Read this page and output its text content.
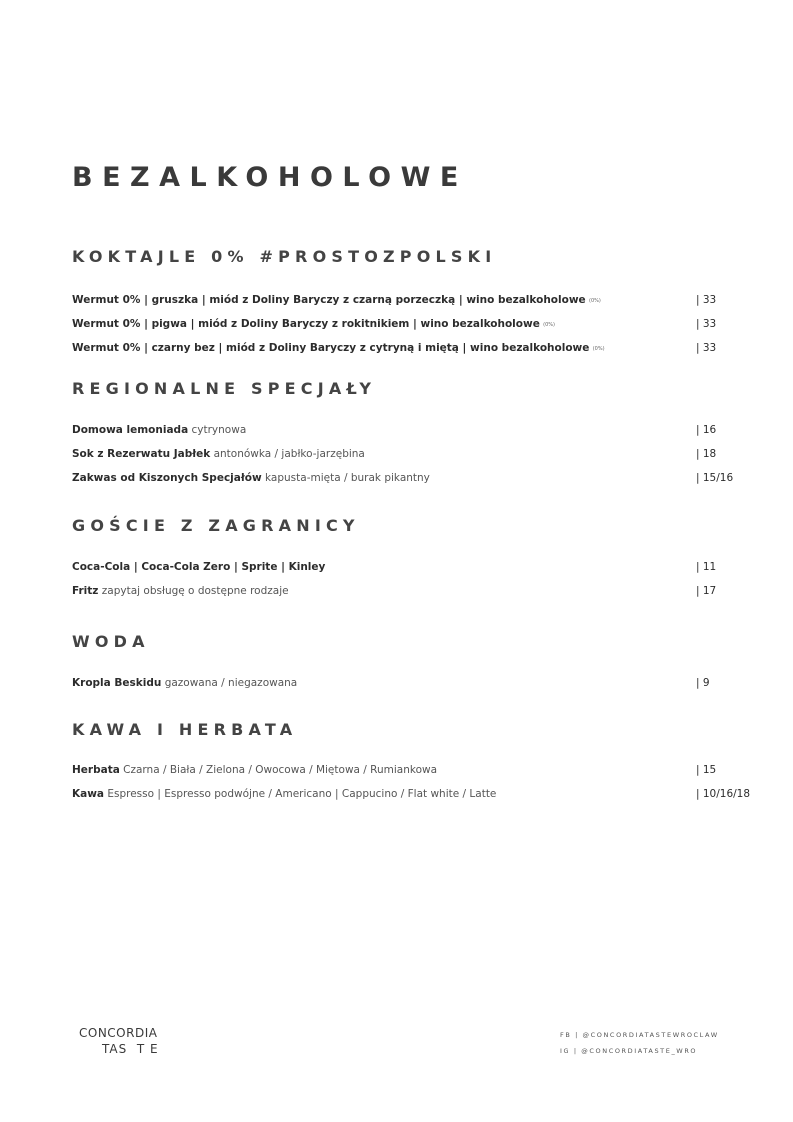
BEZALKOHOLOWE
KOKTAJLE 0% #PROSTOZPOLSKI
Wermut 0% | gruszka | miód z Doliny Baryczy z czarną porzeczką | wino bezalkoholowe (0%)	| 33
Wermut 0% | pigwa | miód z Doliny Baryczy z rokitnikiem | wino bezalkoholowe (0%)	| 33
Wermut 0% | czarny bez | miód z Doliny Baryczy z cytryną i miętą | wino bezalkoholowe (0%)	| 33
REGIONALNE SPECJAŁY
Domowa lemoniada cytrynowa	| 16
Sok z Rezerwatu Jabłek antonówka / jabłko-jarzębina	| 18
Zakwas od Kiszonych Specjałów kapusta-mięta / burak pikantny	| 15/16
GOŚCIE Z ZAGRANICY
Coca-Cola | Coca-Cola Zero | Sprite | Kinley	| 11
Fritz zapytaj obsługę o dostępne rodzaje	| 17
WODA
Kropla Beskidu gazowana / niegazowana	| 9
KAWA I HERBATA
Herbata Czarna / Biała / Zielona / Owocowa / Miętowa / Rumiankowa	| 15
Kawa Espresso | Espresso podwójne / Americano | Cappucino / Flat white / Latte	| 10/16/18
CONCORDIA
TAS  T E
FB | @CONCORDIATASTEWROCLAW
IG | @CONCORDIATASTE_WRO
